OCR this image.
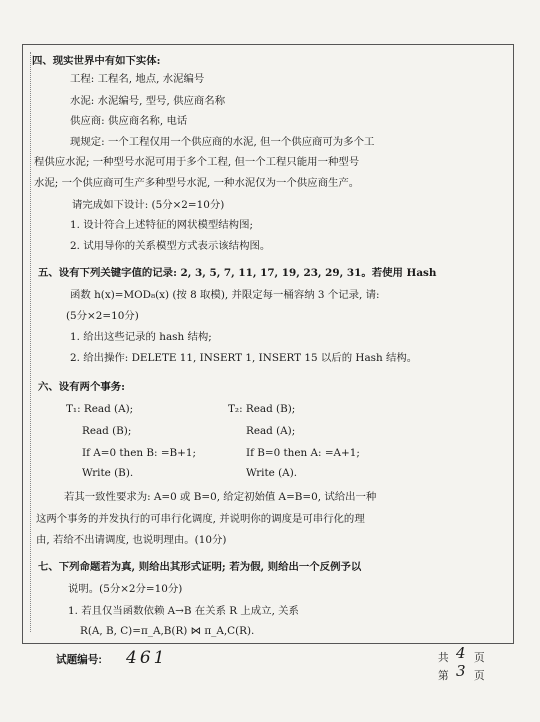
四、现实世界中有如下实体:
工程: 工程名, 地点, 水泥编号
水泥: 水泥编号, 型号, 供应商名称
供应商: 供应商名称, 电话
现规定: 一个工程仅用一个供应商的水泥, 但一个供应商可为多个工
程供应水泥; 一种型号水泥可用于多个工程, 但一个工程只能用一种型号
水泥; 一个供应商可生产多种型号水泥, 一种水泥仅为一个供应商生产。
请完成如下设计: (5分×2=10分)
1. 设计符合上述特征的网状模型结构图;
2. 试用导你的关系模型方式表示该结构图。
五、设有下列关键字值的记录: 2, 3, 5, 7, 11, 17, 19, 23, 29, 31。若使用 Hash
函数 h(x)=MOD₈(x) (按 8 取模), 并限定每一桶容纳 3 个记录, 请:
(5分×2=10分)
1. 给出这些记录的 hash 结构;
2. 给出操作: DELETE 11, INSERT 1, INSERT 15 以后的 Hash 结构。
六、设有两个事务:
T₁: Read (A);
Read (B);
If A=0 then B: =B+1;
Write (B).
T₂: Read (B);
Read (A);
If B=0 then A: =A+1;
Write (A).
若其一致性要求为: A=0 或 B=0, 给定初始值 A=B=0, 试给出一种
这两个事务的并发执行的可串行化调度, 并说明你的调度是可串行化的理
由, 若给不出请调度, 也说明理由。(10分)
七、下列命题若为真, 则给出其形式证明; 若为假, 则给出一个反例予以
说明。(5分×2分=10分)
1. 若且仅当函数依赖 A→B 在关系 R 上成立, 关系
R(A, B, C)=π_A,B(R) ⋈ π_A,C(R).
试题编号: 461	共 4 页
第 3 页
